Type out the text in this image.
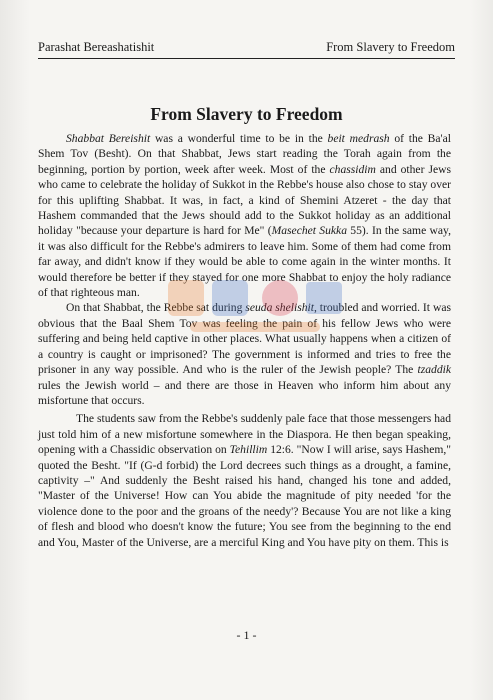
Parashat Bereashatishit	From Slavery to Freedom
From Slavery to Freedom

Shabbat Bereishit was a wonderful time to be in the beit medrash of the Ba'al Shem Tov (Besht). On that Shabbat, Jews start reading the Torah again from the beginning, portion by portion, week after week. Most of the chassidim and other Jews who came to celebrate the holiday of Sukkot in the Rebbe's house also chose to stay over for this uplifting Shabbat. It was, in fact, a kind of Shemini Atzeret - the day that Hashem commanded that the Jews should add to the Sukkot holiday as an additional holiday "because your departure is hard for Me" (Masechet Sukka 55). In the same way, it was also difficult for the Rebbe's admirers to leave him. Some of them had come from far away, and didn't know if they would be able to come again in the winter months. It would therefore be better if they stayed for one more Shabbat to enjoy the holy radiance of that righteous man.

On that Shabbat, the Rebbe sat during seuda shelishit, troubled and worried. It was obvious that the Baal Shem Tov was feeling the pain of his fellow Jews who were suffering and being held captive in other places. What usually happens when a citizen of a country is caught or imprisoned? The government is informed and tries to free the prisoner in any way possible. And who is the ruler of the Jewish people? The tzaddik rules the Jewish world – and there are those in Heaven who inform him about any misfortune that occurs.

The students saw from the Rebbe's suddenly pale face that those messengers had just told him of a new misfortune somewhere in the Diaspora. He then began speaking, opening with a Chassidic observation on Tehillim 12:6. "Now I will arise, says Hashem," quoted the Besht. "If (G-d forbid) the Lord decrees such things as a drought, a famine, captivity –" And suddenly the Besht raised his hand, changed his tone and added, "Master of the Universe! How can You abide the magnitude of pity needed 'for the violence done to the poor and the groans of the needy'? Because You are not like a king of flesh and blood who doesn't know the future; You see from the beginning to the end and You, Master of the Universe, are a merciful King and You have pity on them. This is

- 1 -
